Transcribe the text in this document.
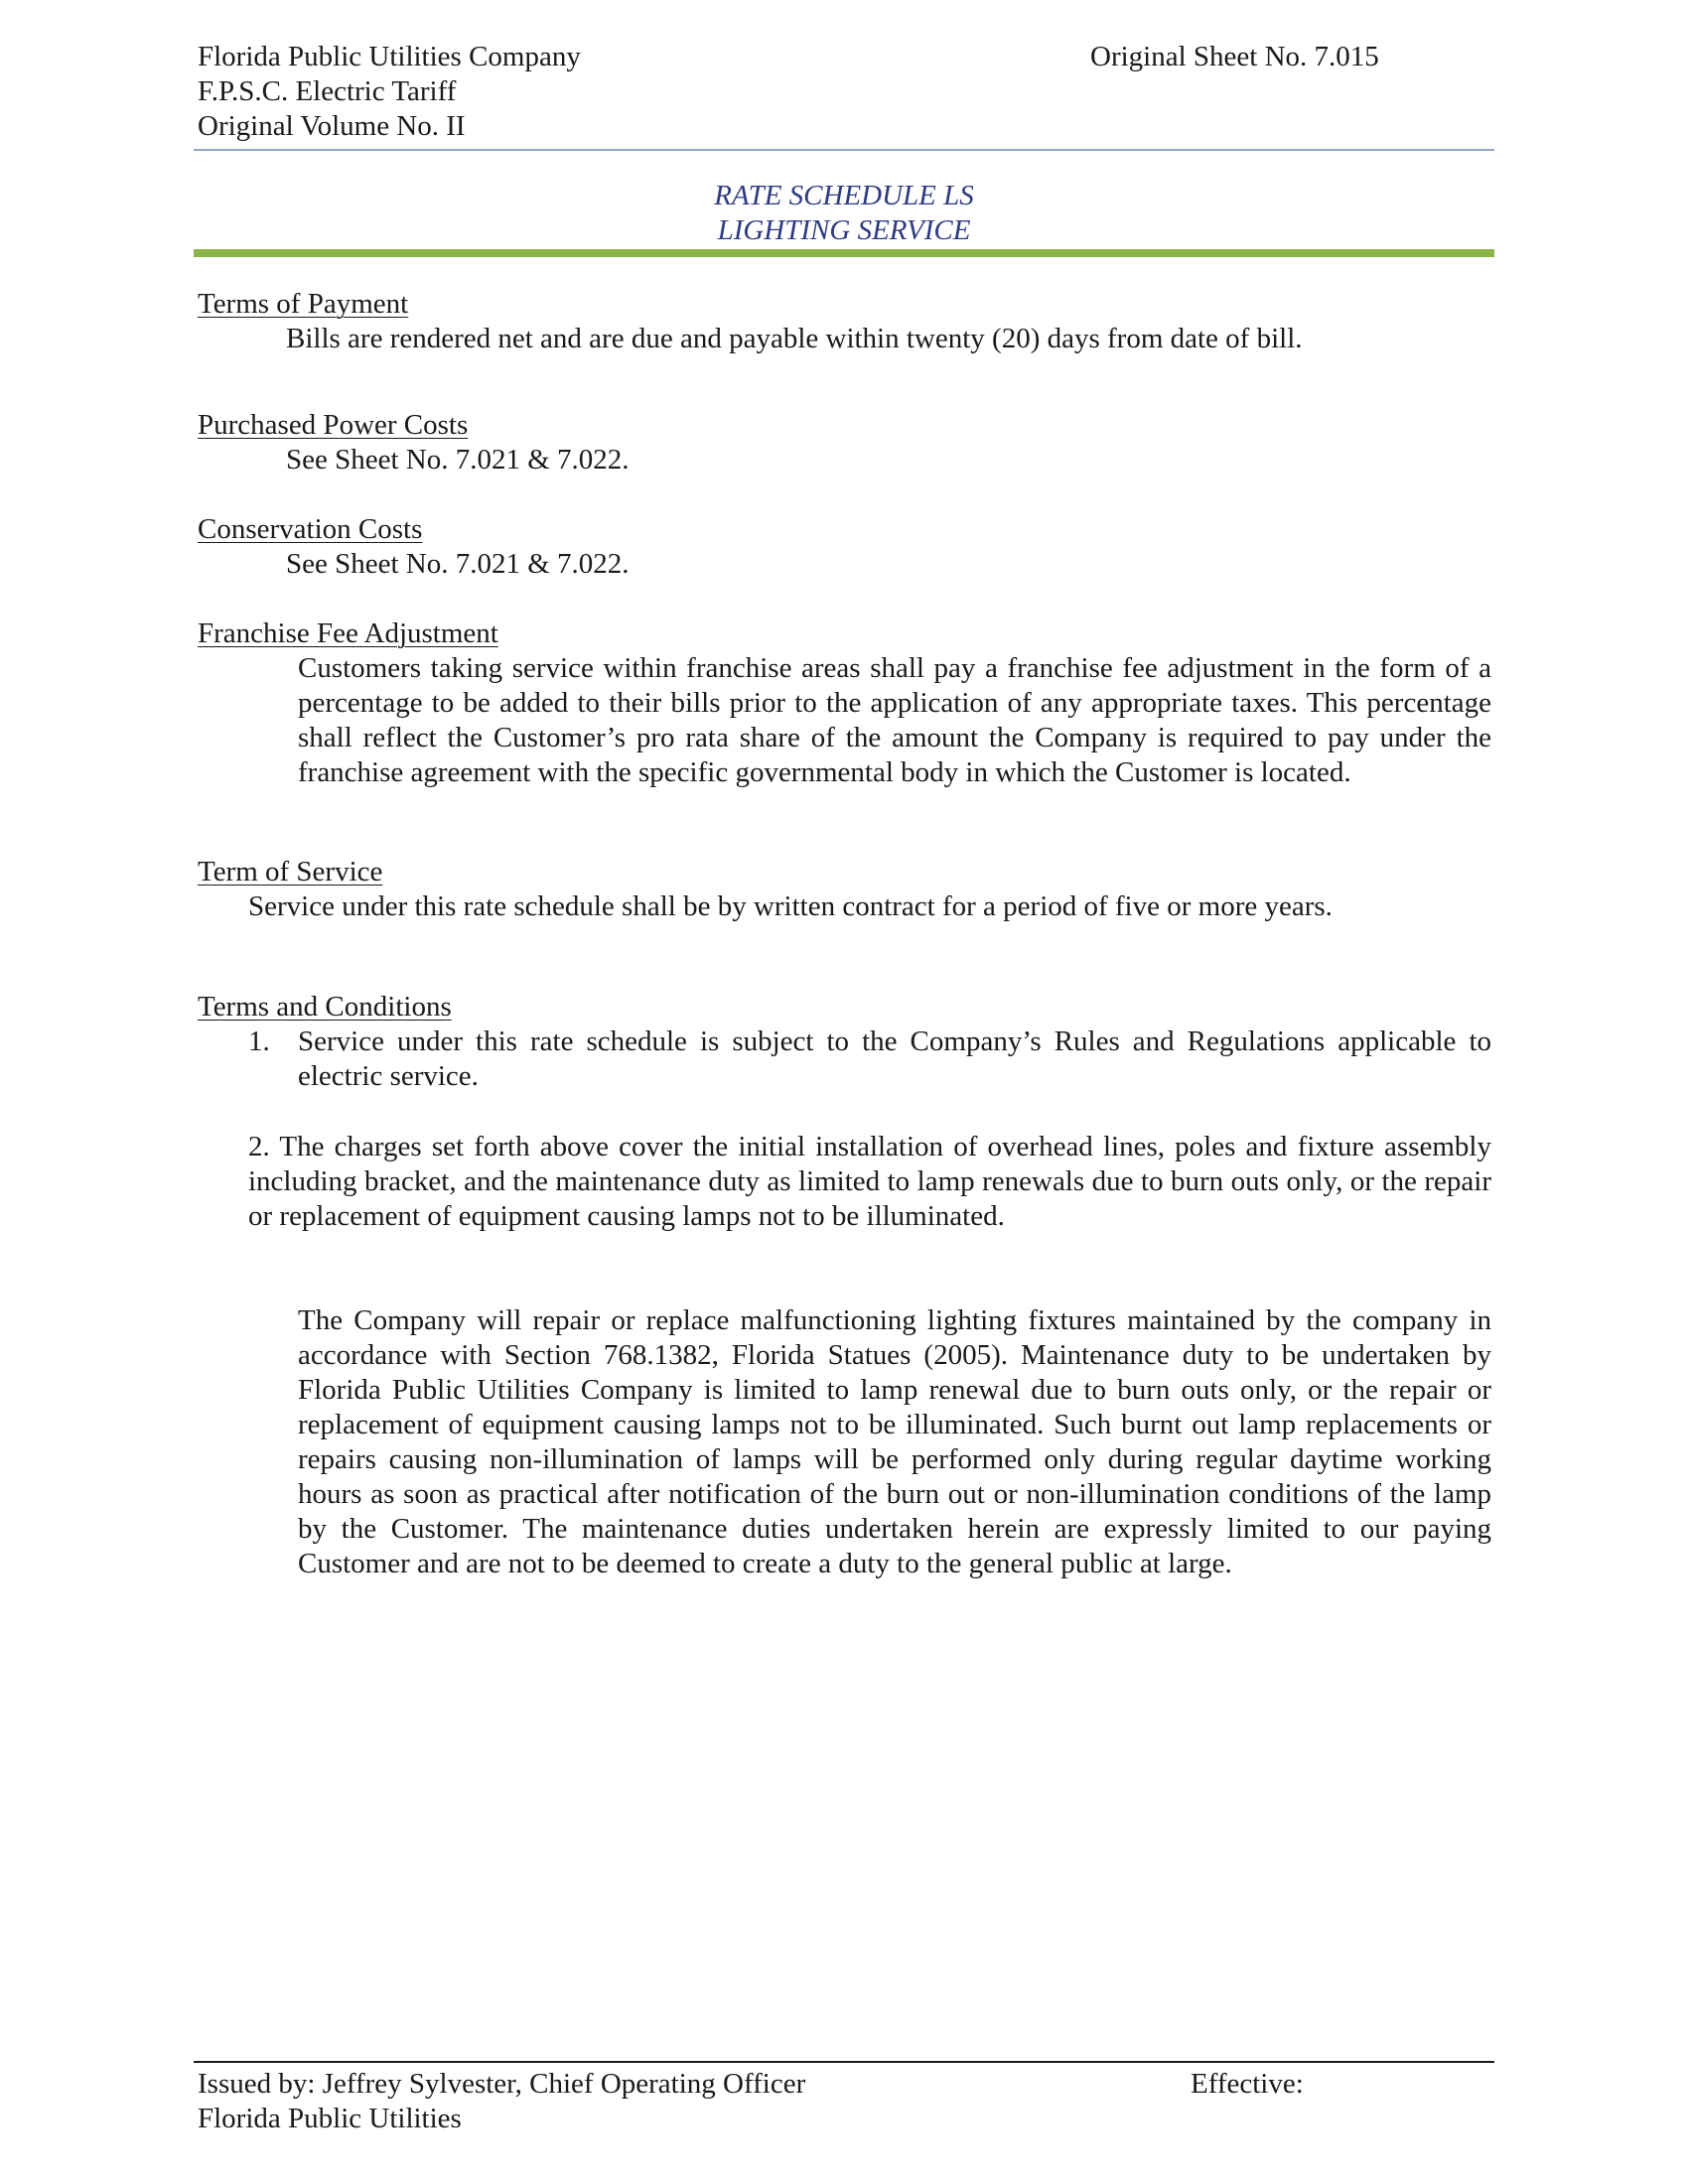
Florida Public Utilities Company
F.P.S.C. Electric Tariff
Original Volume No. II
Original Sheet No. 7.015
RATE SCHEDULE LS
LIGHTING SERVICE
Terms of Payment
Bills are rendered net and are due and payable within twenty (20) days from date of bill.
Purchased Power Costs
See Sheet No. 7.021 & 7.022.
Conservation Costs
See Sheet No. 7.021 & 7.022.
Franchise Fee Adjustment
Customers taking service within franchise areas shall pay a franchise fee adjustment in the form of a percentage to be added to their bills prior to the application of any appropriate taxes. This percentage shall reflect the Customer’s pro rata share of the amount the Company is required to pay under the franchise agreement with the specific governmental body in which the Customer is located.
Term of Service
Service under this rate schedule shall be by written contract for a period of five or more years.
Terms and Conditions
1. Service under this rate schedule is subject to the Company’s Rules and Regulations applicable to electric service.
2. The charges set forth above cover the initial installation of overhead lines, poles and fixture assembly including bracket, and the maintenance duty as limited to lamp renewals due to burn outs only, or the repair or replacement of equipment causing lamps not to be illuminated.
The Company will repair or replace malfunctioning lighting fixtures maintained by the company in accordance with Section 768.1382, Florida Statues (2005). Maintenance duty to be undertaken by Florida Public Utilities Company is limited to lamp renewal due to burn outs only, or the repair or replacement of equipment causing lamps not to be illuminated. Such burnt out lamp replacements or repairs causing non-illumination of lamps will be performed only during regular daytime working hours as soon as practical after notification of the burn out or non-illumination conditions of the lamp by the Customer. The maintenance duties undertaken herein are expressly limited to our paying Customer and are not to be deemed to create a duty to the general public at large.
Issued by: Jeffrey Sylvester, Chief Operating Officer
Florida Public Utilities
Effective:
